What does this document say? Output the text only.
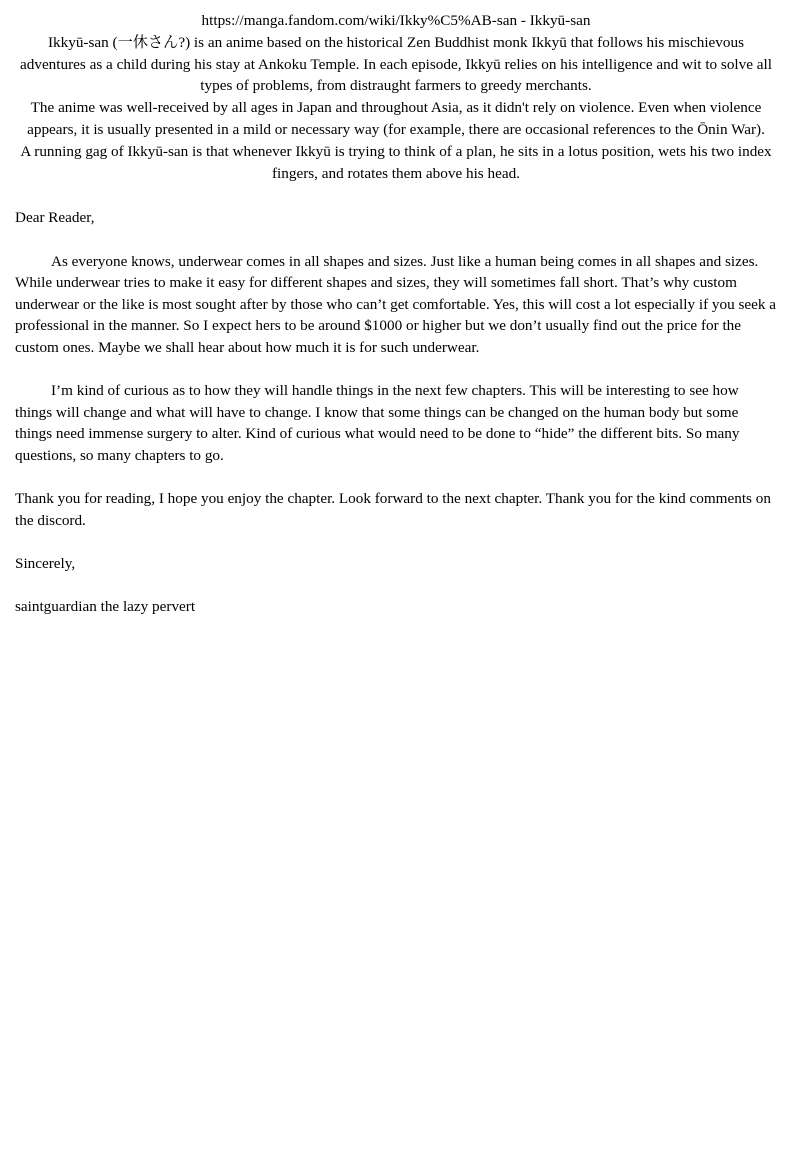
https://manga.fandom.com/wiki/Ikky%C5%AB-san - Ikkyū-san

Ikkyū-san (一休さん?) is an anime based on the historical Zen Buddhist monk Ikkyū that follows his mischievous adventures as a child during his stay at Ankoku Temple. In each episode, Ikkyū relies on his intelligence and wit to solve all types of problems, from distraught farmers to greedy merchants.

The anime was well-received by all ages in Japan and throughout Asia, as it didn't rely on violence. Even when violence appears, it is usually presented in a mild or necessary way (for example, there are occasional references to the Ōnin War).

A running gag of Ikkyū-san is that whenever Ikkyū is trying to think of a plan, he sits in a lotus position, wets his two index fingers, and rotates them above his head.

Dear Reader,

As everyone knows, underwear comes in all shapes and sizes. Just like a human being comes in all shapes and sizes. While underwear tries to make it easy for different shapes and sizes, they will sometimes fall short. That’s why custom underwear or the like is most sought after by those who can’t get comfortable. Yes, this will cost a lot especially if you seek a professional in the manner. So I expect hers to be around $1000 or higher but we don’t usually find out the price for the custom ones. Maybe we shall hear about how much it is for such underwear.

I’m kind of curious as to how they will handle things in the next few chapters. This will be interesting to see how things will change and what will have to change. I know that some things can be changed on the human body but some things need immense surgery to alter. Kind of curious what would need to be done to “hide” the different bits. So many questions, so many chapters to go.

Thank you for reading, I hope you enjoy the chapter. Look forward to the next chapter. Thank you for the kind comments on the discord.

Sincerely,

saintguardian the lazy pervert
